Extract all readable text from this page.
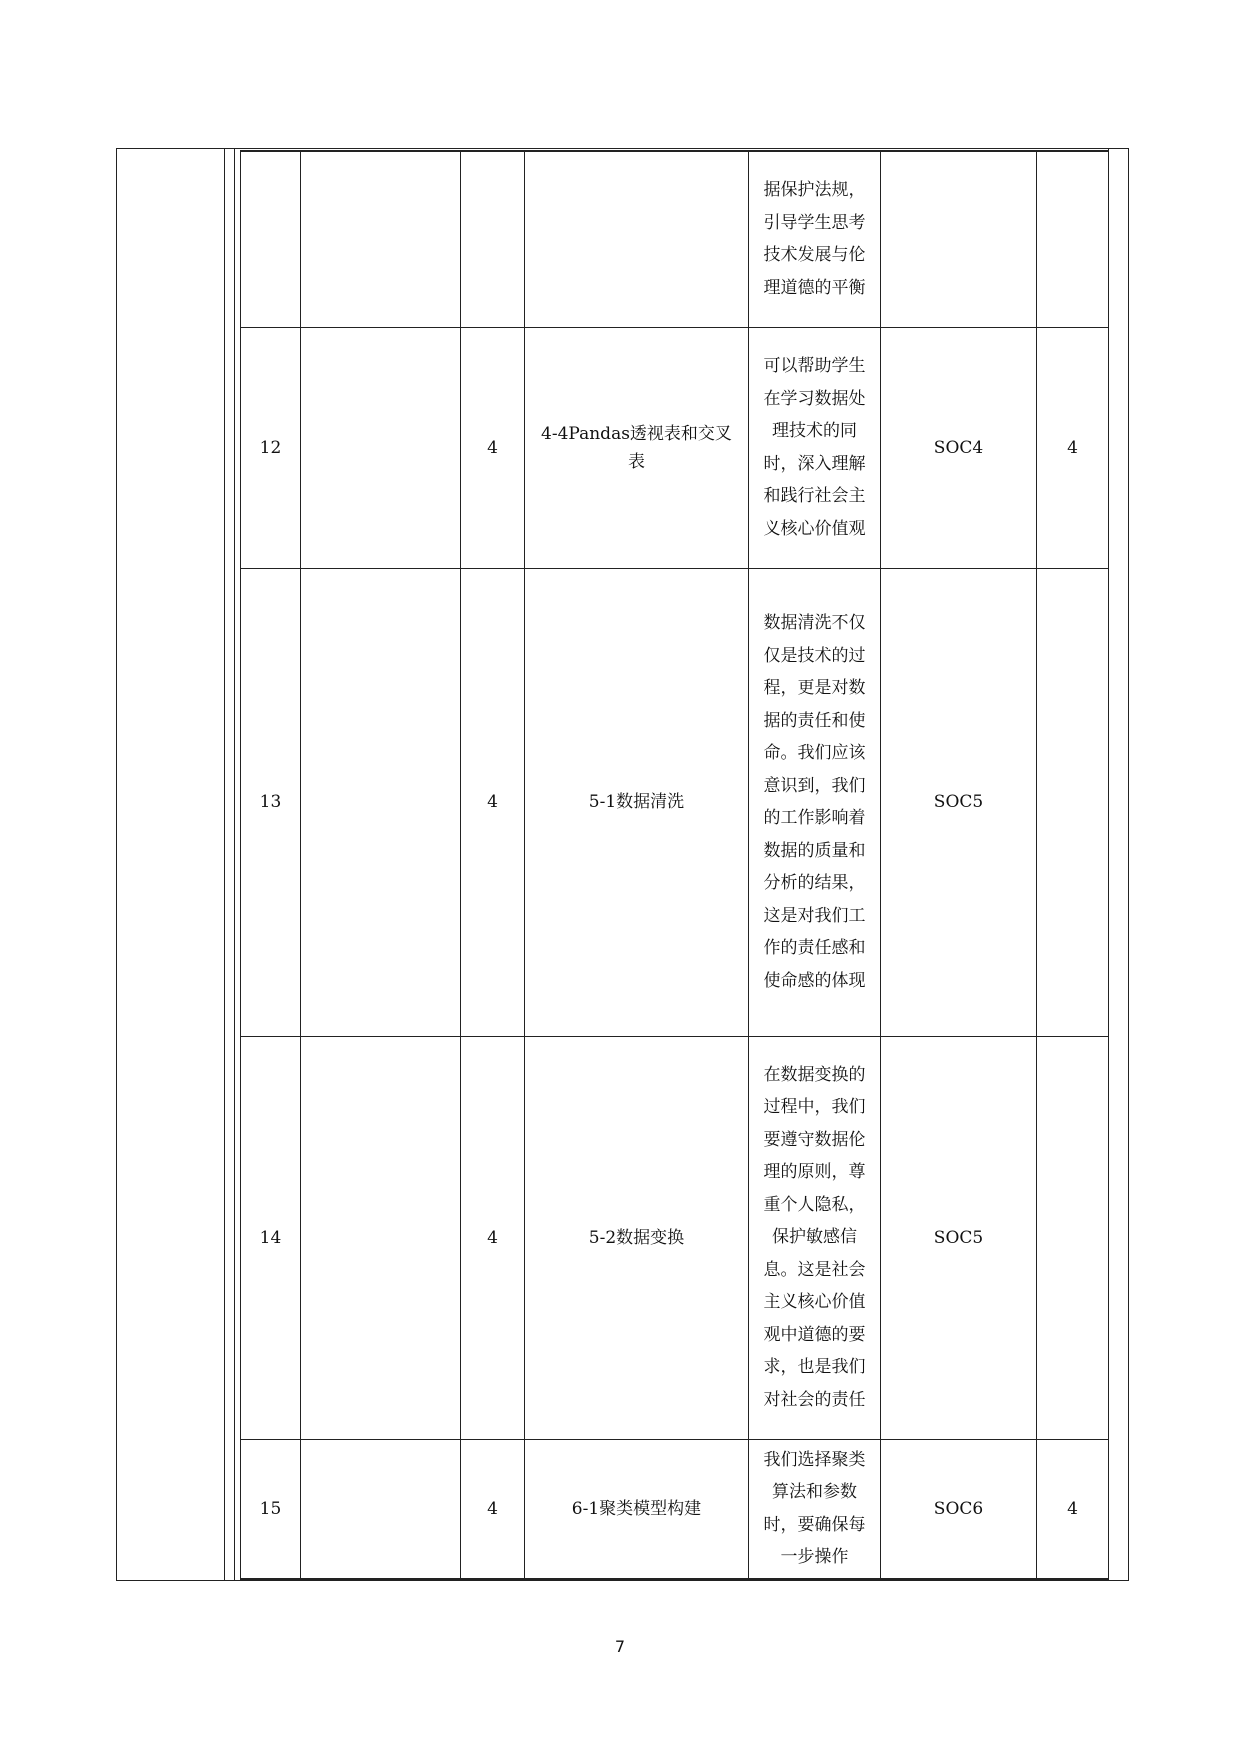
				据保护法规，引导学生思考技术发展与伦理道德的平衡		
12		4	4-4Pandas透视表和交叉表	可以帮助学生在学习数据处理技术的同时，深入理解和践行社会主义核心价值观	SOC4	4
13		4	5-1数据清洗	数据清洗不仅仅是技术的过程，更是对数据的责任和使命。我们应该意识到，我们的工作影响着数据的质量和分析的结果，这是对我们工作的责任感和使命感的体现	SOC5	
14		4	5-2数据变换	在数据变换的过程中，我们要遵守数据伦理的原则，尊重个人隐私，保护敏感信息。这是社会主义核心价值观中道德的要求，也是我们对社会的责任	SOC5	
15		4	6-1聚类模型构建	我们选择聚类算法和参数时，要确保每一步操作	SOC6	4
7
